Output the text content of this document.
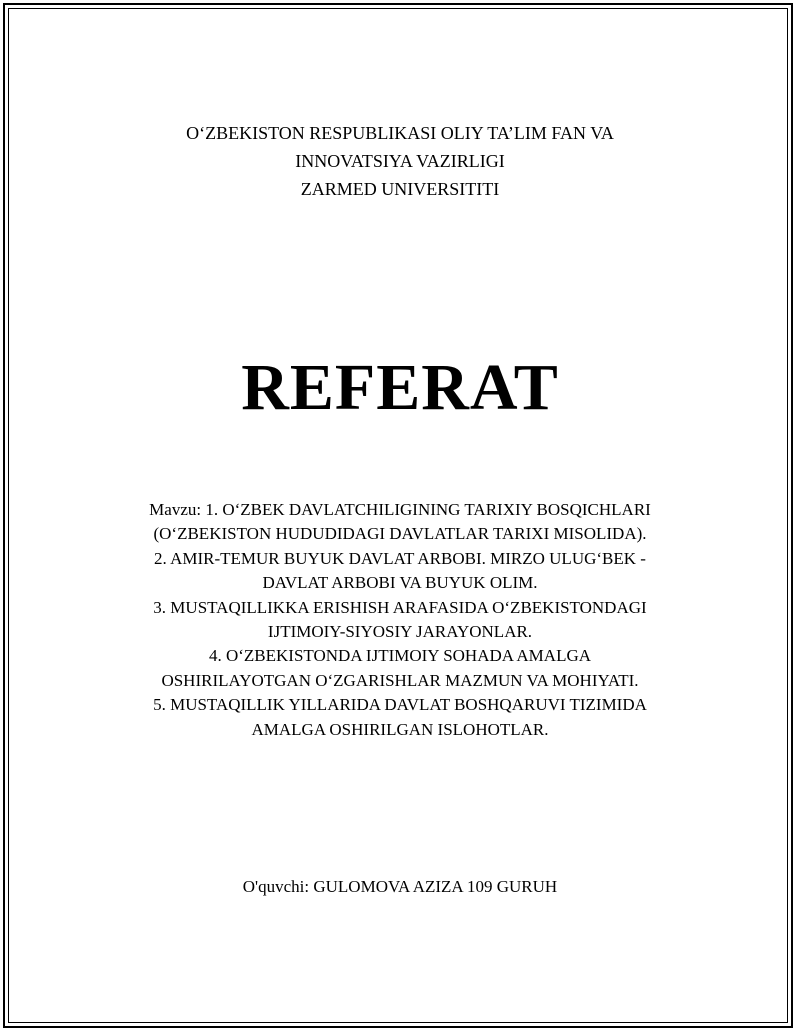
O‘ZBEKISTON RESPUBLIKASI OLIY TA’LIM FAN VA
INNOVATSIYA VAZIRLIGI
ZARMED UNIVERSITITI
REFERAT
Mavzu: 1. O‘ZBEK DAVLATCHILIGINING TARIXIY BOSQICHLARI
(O‘ZBEKISTON HUDUDIDAGI DAVLATLAR TARIXI MISOLIDA).
2. AMIR-TEMUR BUYUK DAVLAT ARBOBI. MIRZO ULUG‘BEK -
DAVLAT ARBOBI VA BUYUK OLIM.
3. MUSTAQILLIKKA ERISHISH ARAFASIDA O‘ZBEKISTONDAGI
IJTIMOIY-SIYOSIY JARAYONLAR.
4. O‘ZBEKISTONDA IJTIMOIY SOHADA AMALGA
OSHIRILAYOTGAN O‘ZGARISHLAR MAZMUN VA MOHIYATI.
5. MUSTAQILLIK YILLARIDA DAVLAT BOSHQARUVI TIZIMIDA
AMALGA OSHIRILGAN ISLOHOTLAR.
O'quvchi: GULOMOVA AZIZA 109 GURUH
